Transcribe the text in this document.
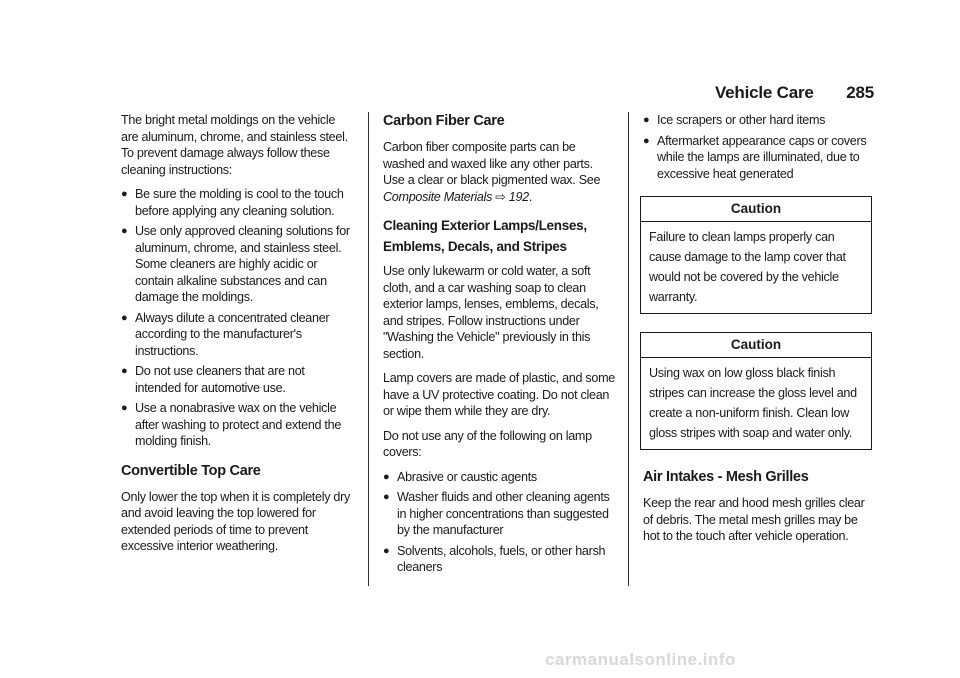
Vehicle Care 285

The bright metal moldings on the vehicle are aluminum, chrome, and stainless steel. To prevent damage always follow these cleaning instructions:

● Be sure the molding is cool to the touch before applying any cleaning solution.
● Use only approved cleaning solutions for aluminum, chrome, and stainless steel. Some cleaners are highly acidic or contain alkaline substances and can damage the moldings.
● Always dilute a concentrated cleaner according to the manufacturer's instructions.
● Do not use cleaners that are not intended for automotive use.
● Use a nonabrasive wax on the vehicle after washing to protect and extend the molding finish.
Convertible Top Care

Only lower the top when it is completely dry and avoid leaving the top lowered for extended periods of time to prevent excessive interior weathering.

Carbon Fiber Care

Carbon fiber composite parts can be washed and waxed like any other parts. Use a clear or black pigmented wax. See Composite Materials ⇨ 192.

Cleaning Exterior Lamps/Lenses, Emblems, Decals, and Stripes

Use only lukewarm or cold water, a soft cloth, and a car washing soap to clean exterior lamps, lenses, emblems, decals, and stripes. Follow instructions under "Washing the Vehicle" previously in this section.

Lamp covers are made of plastic, and some have a UV protective coating. Do not clean or wipe them while they are dry.

Do not use any of the following on lamp covers:

● Abrasive or caustic agents
● Washer fluids and other cleaning agents in higher concentrations than suggested by the manufacturer
● Solvents, alcohols, fuels, or other harsh cleaners
● Ice scrapers or other hard items
● Aftermarket appearance caps or covers while the lamps are illuminated, due to excessive heat generated
Caution

Failure to clean lamps properly can cause damage to the lamp cover that would not be covered by the vehicle warranty.

Caution

Using wax on low gloss black finish stripes can increase the gloss level and create a non-uniform finish. Clean low gloss stripes with soap and water only.

Air Intakes - Mesh Grilles

Keep the rear and hood mesh grilles clear of debris. The metal mesh grilles may be hot to the touch after vehicle operation.

carmanualsonline.info
